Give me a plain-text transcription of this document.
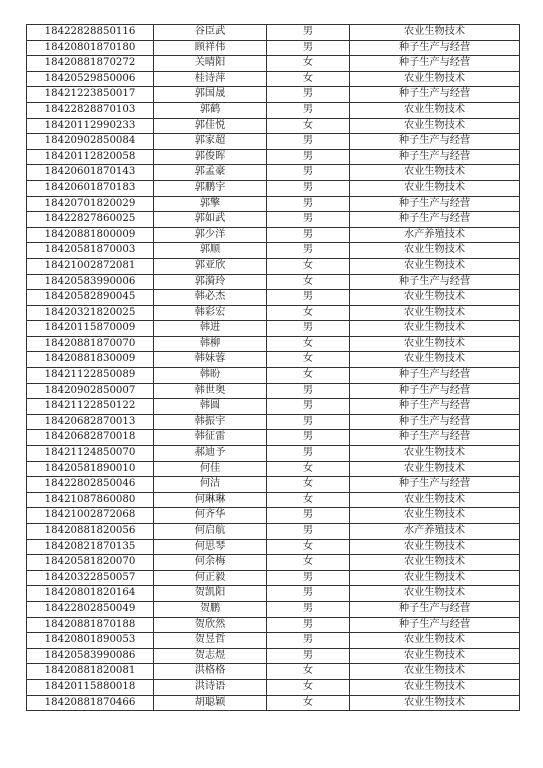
18422828850116	谷臣武	男	农业生物技术
18420801870180	顾祥伟	男	种子生产与经营
18420881870272	关晴阳	女	种子生产与经营
18420529850006	桂诗萍	女	农业生物技术
18421223850017	郭国晟	男	种子生产与经营
18422828870103	郭鹤	男	农业生物技术
18420112990233	郭佳悦	女	农业生物技术
18420902850084	郭家超	男	种子生产与经营
18420112820058	郭俊晖	男	种子生产与经营
18420601870143	郭孟豪	男	农业生物技术
18420601870183	郭鹏宇	男	农业生物技术
18420701820029	郭擎	男	种子生产与经营
18422827860025	郭如武	男	种子生产与经营
18420881800009	郭少洋	男	水产养殖技术
18420581870003	郭顺	男	农业生物技术
18421002872081	郭亚欣	女	农业生物技术
18420583990006	郭漪玲	女	种子生产与经营
18420582890045	韩必杰	男	农业生物技术
18420321820025	韩彩宏	女	农业生物技术
18420115870009	韩进	男	农业生物技术
18420881870070	韩柳	女	农业生物技术
18420881830009	韩妹蓉	女	农业生物技术
18421122850089	韩盼	女	种子生产与经营
18420902850007	韩世奥	男	种子生产与经营
18421122850122	韩圆	男	种子生产与经营
18420682870013	韩振宇	男	种子生产与经营
18420682870018	韩征雷	男	种子生产与经营
18421124850070	郝迪予	男	农业生物技术
18420581890010	何佳	女	农业生物技术
18422802850046	何洁	女	种子生产与经营
18421087860080	何琳琳	女	农业生物技术
18421002872068	何齐华	男	农业生物技术
18420881820056	何启航	男	水产养殖技术
18420821870135	何思琴	女	农业生物技术
18420581820070	何余梅	女	农业生物技术
18420322850057	何正毅	男	农业生物技术
18420801820164	贺凯阳	男	农业生物技术
18422802850049	贺鹏	男	种子生产与经营
18420881870188	贺欣然	男	种子生产与经营
18420801890053	贺昱哲	男	农业生物技术
18420583990086	贺志煜	男	农业生物技术
18420881820081	洪格格	女	农业生物技术
18420115880018	洪诗语	女	农业生物技术
18420881870466	胡聪颖	女	农业生物技术
